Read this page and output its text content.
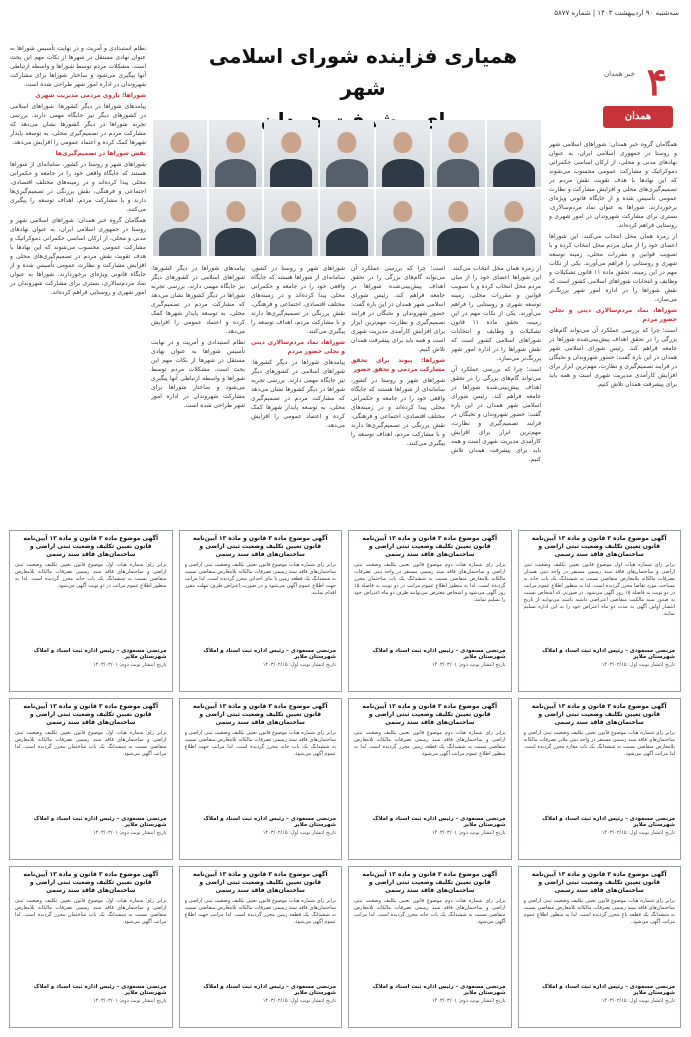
سه‌شنبه ۹۰ اردیبهشت ۱۴۰۳ | شماره ۵۸۷۷
۴
خبر همدان
همدان
همیاری فزاینده شورای اسلامی شهر

همگامان گروه خبر همدان: شوراهای اسلامی شهر و روستا در جمهوری اسلامی ایران، به عنوان نهادهای مدنی و محلی، از ارکان اساسی حکمرانی دموکراتیک و مشارکت عمومی محسوب می‌شوند که این نهادها با هدف تقویت نقش مردم در تصمیم‌گیری‌های محلی و افزایش مشارکت و نظارت عمومی تأسیس شده و از جایگاه قانونی ویژه‌ای برخوردارند. شوراها به عنوان نماد مردم‌سالاری، بستری برای مشارکت شهروندان در امور شهری و روستایی فراهم کرده‌اند.

از زمره همان محل انتخاب می‌کنند. این شوراها اعضای خود را از میان مردم محل انتخاب کرده و با تصویب قوانین و مقررات محلی، زمینه توسعه شهری و روستایی را فراهم می‌آورند. یکی از نکات مهم در این زمینه، تحقق ماده ۱۱ قانون تشکیلات و وظایف و انتخابات شوراهای اسلامی کشور است که نقش شوراها را در اداره امور شهر پررنگ‌تر می‌سازد.

شوراها، نماد مردم‌سالاری دینی و تجلی حضور مردم

است؛ چرا که بررسی عملکرد آن می‌تواند گام‌های بزرگی را در تحقق اهداف پیش‌بینی‌شده شوراها در جامعه فراهم کند. رئیس شورای اسلامی شهر همدان در این باره گفت: حضور شهروندان و نخبگان در فرایند تصمیم‌گیری و نظارت، مهم‌ترین ابزار برای افزایش کارآمدی مدیریت شهری است و همه باید برای پیشرفت همدان تلاش کنیم.

نظام استبدادی و آمریت و در نهایت تأسیس شوراها به عنوان نهادی مستقل در شهرها از نکات مهم این بحث است. مشکلات مردم توسط شوراها و واسطه ارتباطی آنها پیگیری می‌شود و ساختار شوراها برای مشارکت شهروندان در اداره امور شهر طراحی شده است.

شوراها؛ بازوی مردمی مدیریت شهری

پیامدهای شوراها در دیگر کشورها: شوراهای اسلامی در کشورهای دیگر نیز جایگاه مهمی دارند. بررسی تجربه شوراها در دیگر کشورها نشان می‌دهد که مشارکت مردم در تصمیم‌گیری محلی، به توسعه پایدار شهرها کمک کرده و اعتماد عمومی را افزایش می‌دهد.

نقش شوراها در تصمیم‌گیری‌ها

شوراهای شهر و روستا در کشور، سامانه‌ای از شوراها هستند که جایگاه واقعی خود را در جامعه و حکمرانی محلی پیدا کرده‌اند و در زمینه‌های مختلف اقتصادی، اجتماعی و فرهنگی، نقش پررنگی در تصمیم‌گیری‌ها دارند و با مشارکت مردم، اهداف توسعه را پیگیری می‌کنند.

همگامان گروه خبر همدان: شوراهای اسلامی شهر و روستا در جمهوری اسلامی ایران، به عنوان نهادهای مدنی و محلی، از ارکان اساسی حکمرانی دموکراتیک و مشارکت عمومی محسوب می‌شوند که این نهادها با هدف تقویت نقش مردم در تصمیم‌گیری‌های محلی و افزایش مشارکت و نظارت عمومی تأسیس شده و از جایگاه قانونی ویژه‌ای برخوردارند. شوراها به عنوان نماد مردم‌سالاری، بستری برای مشارکت شهروندان در امور شهری و روستایی فراهم کرده‌اند.

از زمره همان محل انتخاب می‌کنند. این شوراها اعضای خود را از میان مردم محل انتخاب کرده و با تصویب قوانین و مقررات محلی، زمینه توسعه شهری و روستایی را فراهم می‌آورند. یکی از نکات مهم در این زمینه، تحقق ماده ۱۱ قانون تشکیلات و وظایف و انتخابات شوراهای اسلامی کشور است که نقش شوراها را در اداره امور شهر پررنگ‌تر می‌سازد.

است؛ چرا که بررسی عملکرد آن می‌تواند گام‌های بزرگی را در تحقق اهداف پیش‌بینی‌شده شوراها در جامعه فراهم کند. رئیس شورای اسلامی شهر همدان در این باره گفت: حضور شهروندان و نخبگان در فرایند تصمیم‌گیری و نظارت، مهم‌ترین ابزار برای افزایش کارآمدی مدیریت شهری است و همه باید برای پیشرفت همدان تلاش کنیم.

است؛ چرا که بررسی عملکرد آن می‌تواند گام‌های بزرگی را در تحقق اهداف پیش‌بینی‌شده شوراها در جامعه فراهم کند. رئیس شورای اسلامی شهر همدان در این باره گفت: حضور شهروندان و نخبگان در فرایند تصمیم‌گیری و نظارت، مهم‌ترین ابزار برای افزایش کارآمدی مدیریت شهری است و همه باید برای پیشرفت همدان تلاش کنیم.

شوراها: پیوند برای تحقق مشارکت مردمی و تحقق حضور

شوراهای شهر و روستا در کشور، سامانه‌ای از شوراها هستند که جایگاه واقعی خود را در جامعه و حکمرانی محلی پیدا کرده‌اند و در زمینه‌های مختلف اقتصادی، اجتماعی و فرهنگی، نقش پررنگی در تصمیم‌گیری‌ها دارند و با مشارکت مردم، اهداف توسعه را پیگیری می‌کنند.

شوراهای شهر و روستا در کشور، سامانه‌ای از شوراها هستند که جایگاه واقعی خود را در جامعه و حکمرانی محلی پیدا کرده‌اند و در زمینه‌های مختلف اقتصادی، اجتماعی و فرهنگی، نقش پررنگی در تصمیم‌گیری‌ها دارند و با مشارکت مردم، اهداف توسعه را پیگیری می‌کنند.

شوراها، نماد مردم‌سالاری دینی و تجلی حضور مردم

پیامدهای شوراها در دیگر کشورها: شوراهای اسلامی در کشورهای دیگر نیز جایگاه مهمی دارند. بررسی تجربه شوراها در دیگر کشورها نشان می‌دهد که مشارکت مردم در تصمیم‌گیری محلی، به توسعه پایدار شهرها کمک کرده و اعتماد عمومی را افزایش می‌دهد.

پیامدهای شوراها در دیگر کشورها: شوراهای اسلامی در کشورهای دیگر نیز جایگاه مهمی دارند. بررسی تجربه شوراها در دیگر کشورها نشان می‌دهد که مشارکت مردم در تصمیم‌گیری محلی، به توسعه پایدار شهرها کمک کرده و اعتماد عمومی را افزایش می‌دهد.

نظام استبدادی و آمریت و در نهایت تأسیس شوراها به عنوان نهادی مستقل در شهرها از نکات مهم این بحث است. مشکلات مردم توسط شوراها و واسطه ارتباطی آنها پیگیری می‌شود و ساختار شوراها برای مشارکت شهروندان در اداره امور شهر طراحی شده است.

آگهی موضوع ماده ۳ قانون و ماده ۱۳ آیین‌نامه قانون تعیین تکلیف وضعیت ثبتی اراضی و ساختمان‌های فاقد سند رسمی
برابر رأی شماره هیأت اول موضوع قانون تعیین تکلیف وضعیت ثبتی اراضی و ساختمان‌های فاقد سند رسمی مستقر در واحد ثبتی همدان تصرفات مالکانه بلامعارض متقاضی نسبت به ششدانگ یک باب خانه به مساحت مورد تقاضا محرز گردیده است. لذا به منظور اطلاع عموم مراتب در دو نوبت به فاصله ۱۵ روز آگهی می‌شود. در صورتی که اشخاص نسبت به صدور سند مالکیت متقاضی اعتراضی داشته باشند می‌توانند از تاریخ انتشار اولین آگهی به مدت دو ماه اعتراض خود را به این اداره تسلیم نمایند.
مرتضی مسعودی – رئیس اداره ثبت اسناد و املاک شهرستان ملایر
تاریخ انتشار نوبت اول: ۱۴۰۳/۰۲/۱۵
آگهی موضوع ماده ۳ قانون و ماده ۱۳ آیین‌نامه قانون تعیین تکلیف وضعیت ثبتی اراضی و ساختمان‌های فاقد سند رسمی
برابر رأی شماره هیأت دوم موضوع قانون تعیین تکلیف وضعیت ثبتی اراضی و ساختمان‌های فاقد سند رسمی مستقر در واحد ثبتی تصرفات مالکانه بلامعارض متقاضی نسبت به ششدانگ یک باب ساختمان محرز گردیده است. لذا به منظور اطلاع عموم مراتب در دو نوبت به فاصله ۱۵ روز آگهی می‌شود و اشخاص معترض می‌توانند ظرف دو ماه اعتراض خود را تسلیم نمایند.
مرتضی مسعودی – رئیس اداره ثبت اسناد و املاک شهرستان ملایر
تاریخ انتشار نوبت دوم: ۱۴۰۳/۰۳/۰۱
آگهی موضوع ماده ۳ قانون و ماده ۱۳ آیین‌نامه قانون تعیین تکلیف وضعیت ثبتی اراضی و ساختمان‌های فاقد سند رسمی
برابر رأی شماره هیأت موضوع قانون تعیین تکلیف وضعیت ثبتی اراضی و ساختمان‌های فاقد سند رسمی تصرفات مالکانه بلامعارض متقاضی نسبت به ششدانگ یک قطعه زمین با بنای احداثی محرز گردیده است. لذا مراتب جهت اطلاع عموم آگهی می‌شود و در صورت اعتراض ظرف مهلت مقرر اقدام نمایند.
مرتضی مسعودی – رئیس اداره ثبت اسناد و املاک شهرستان ملایر
تاریخ انتشار نوبت اول: ۱۴۰۳/۰۲/۱۵
آگهی موضوع ماده ۳ قانون و ماده ۱۳ آیین‌نامه قانون تعیین تکلیف وضعیت ثبتی اراضی و ساختمان‌های فاقد سند رسمی
برابر رأی شماره هیأت اول موضوع قانون تعیین تکلیف وضعیت ثبتی اراضی و ساختمان‌های فاقد سند رسمی تصرفات مالکانه بلامعارض متقاضی نسبت به ششدانگ یک باب خانه محرز گردیده است. لذا به منظور اطلاع عموم مراتب در دو نوبت آگهی می‌شود.
مرتضی مسعودی – رئیس اداره ثبت اسناد و املاک شهرستان ملایر
تاریخ انتشار نوبت دوم: ۱۴۰۳/۰۳/۰۱
آگهی موضوع ماده ۳ قانون و ماده ۱۳ آیین‌نامه قانون تعیین تکلیف وضعیت ثبتی اراضی و ساختمان‌های فاقد سند رسمی
برابر رأی شماره هیأت موضوع قانون تعیین تکلیف وضعیت ثبتی اراضی و ساختمان‌های فاقد سند رسمی مستقر در واحد ثبتی ملایر تصرفات مالکانه بلامعارض متقاضی نسبت به ششدانگ یک باب مغازه محرز گردیده است. لذا مراتب آگهی می‌شود.
مرتضی مسعودی – رئیس اداره ثبت اسناد و املاک شهرستان ملایر
تاریخ انتشار نوبت اول: ۱۴۰۳/۰۲/۱۵
آگهی موضوع ماده ۳ قانون و ماده ۱۳ آیین‌نامه قانون تعیین تکلیف وضعیت ثبتی اراضی و ساختمان‌های فاقد سند رسمی
برابر رأی شماره هیأت دوم موضوع قانون تعیین تکلیف وضعیت ثبتی اراضی و ساختمان‌های فاقد سند رسمی تصرفات مالکانه بلامعارض متقاضی نسبت به ششدانگ یک قطعه زمین محرز گردیده است. لذا به منظور اطلاع عموم مراتب آگهی می‌شود.
مرتضی مسعودی – رئیس اداره ثبت اسناد و املاک شهرستان ملایر
تاریخ انتشار نوبت دوم: ۱۴۰۳/۰۳/۰۱
آگهی موضوع ماده ۳ قانون و ماده ۱۳ آیین‌نامه قانون تعیین تکلیف وضعیت ثبتی اراضی و ساختمان‌های فاقد سند رسمی
برابر رأی شماره هیأت موضوع قانون تعیین تکلیف وضعیت ثبتی اراضی و ساختمان‌های فاقد سند رسمی تصرفات مالکانه بلامعارض متقاضی نسبت به ششدانگ یک باب خانه محرز گردیده است. لذا مراتب جهت اطلاع عموم آگهی می‌شود.
مرتضی مسعودی – رئیس اداره ثبت اسناد و املاک شهرستان ملایر
تاریخ انتشار نوبت اول: ۱۴۰۳/۰۲/۱۵
آگهی موضوع ماده ۳ قانون و ماده ۱۳ آیین‌نامه قانون تعیین تکلیف وضعیت ثبتی اراضی و ساختمان‌های فاقد سند رسمی
برابر رأی شماره هیأت اول موضوع قانون تعیین تکلیف وضعیت ثبتی اراضی و ساختمان‌های فاقد سند رسمی تصرفات مالکانه بلامعارض متقاضی نسبت به ششدانگ یک باب ساختمان محرز گردیده است. لذا مراتب آگهی می‌شود.
مرتضی مسعودی – رئیس اداره ثبت اسناد و املاک شهرستان ملایر
تاریخ انتشار نوبت دوم: ۱۴۰۳/۰۳/۰۱
آگهی موضوع ماده ۳ قانون و ماده ۱۳ آیین‌نامه قانون تعیین تکلیف وضعیت ثبتی اراضی و ساختمان‌های فاقد سند رسمی
برابر رأی شماره هیأت موضوع قانون تعیین تکلیف وضعیت ثبتی اراضی و ساختمان‌های فاقد سند رسمی تصرفات مالکانه بلامعارض متقاضی نسبت به ششدانگ یک قطعه باغ محرز گردیده است. لذا به منظور اطلاع عموم مراتب آگهی می‌شود.
مرتضی مسعودی – رئیس اداره ثبت اسناد و املاک شهرستان ملایر
تاریخ انتشار نوبت اول: ۱۴۰۳/۰۲/۱۵
آگهی موضوع ماده ۳ قانون و ماده ۱۳ آیین‌نامه قانون تعیین تکلیف وضعیت ثبتی اراضی و ساختمان‌های فاقد سند رسمی
برابر رأی شماره هیأت دوم موضوع قانون تعیین تکلیف وضعیت ثبتی اراضی و ساختمان‌های فاقد سند رسمی تصرفات مالکانه بلامعارض متقاضی نسبت به ششدانگ یک باب خانه محرز گردیده است. لذا مراتب آگهی می‌شود.
مرتضی مسعودی – رئیس اداره ثبت اسناد و املاک شهرستان ملایر
تاریخ انتشار نوبت دوم: ۱۴۰۳/۰۳/۰۱
آگهی موضوع ماده ۳ قانون و ماده ۱۳ آیین‌نامه قانون تعیین تکلیف وضعیت ثبتی اراضی و ساختمان‌های فاقد سند رسمی
برابر رأی شماره هیأت موضوع قانون تعیین تکلیف وضعیت ثبتی اراضی و ساختمان‌های فاقد سند رسمی تصرفات مالکانه بلامعارض متقاضی نسبت به ششدانگ یک قطعه زمین محرز گردیده است. لذا مراتب جهت اطلاع عموم آگهی می‌شود.
مرتضی مسعودی – رئیس اداره ثبت اسناد و املاک شهرستان ملایر
تاریخ انتشار نوبت اول: ۱۴۰۳/۰۲/۱۵
آگهی موضوع ماده ۳ قانون و ماده ۱۳ آیین‌نامه قانون تعیین تکلیف وضعیت ثبتی اراضی و ساختمان‌های فاقد سند رسمی
برابر رأی شماره هیأت اول موضوع قانون تعیین تکلیف وضعیت ثبتی اراضی و ساختمان‌های فاقد سند رسمی تصرفات مالکانه بلامعارض متقاضی نسبت به ششدانگ یک باب ساختمان محرز گردیده است. لذا مراتب آگهی می‌شود.
مرتضی مسعودی – رئیس اداره ثبت اسناد و املاک شهرستان ملایر
تاریخ انتشار نوبت دوم: ۱۴۰۳/۰۳/۰۱
